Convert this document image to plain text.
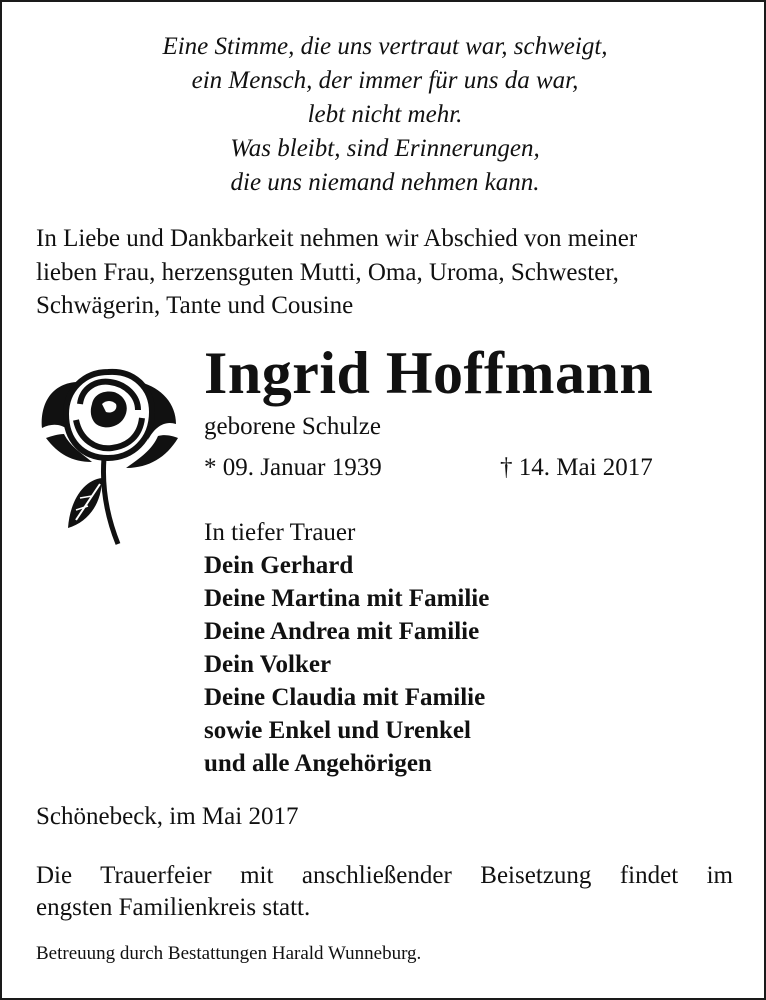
Eine Stimme, die uns vertraut war, schweigt,
ein Mensch, der immer für uns da war,
lebt nicht mehr.
Was bleibt, sind Erinnerungen,
die uns niemand nehmen kann.
In Liebe und Dankbarkeit nehmen wir Abschied von meiner
lieben Frau, herzensguten Mutti, Oma, Uroma, Schwester,
Schwägerin, Tante und Cousine
Ingrid Hoffmann
geborene Schulze
* 09. Januar 1939	† 14. Mai 2017
In tiefer Trauer
Dein Gerhard
Deine Martina mit Familie
Deine Andrea mit Familie
Dein Volker
Deine Claudia mit Familie
sowie Enkel und Urenkel
und alle Angehörigen
Schönebeck, im Mai 2017
Die Trauerfeier mit anschließender Beisetzung findet im
engsten Familienkreis statt.
Betreuung durch Bestattungen Harald Wunneburg.
